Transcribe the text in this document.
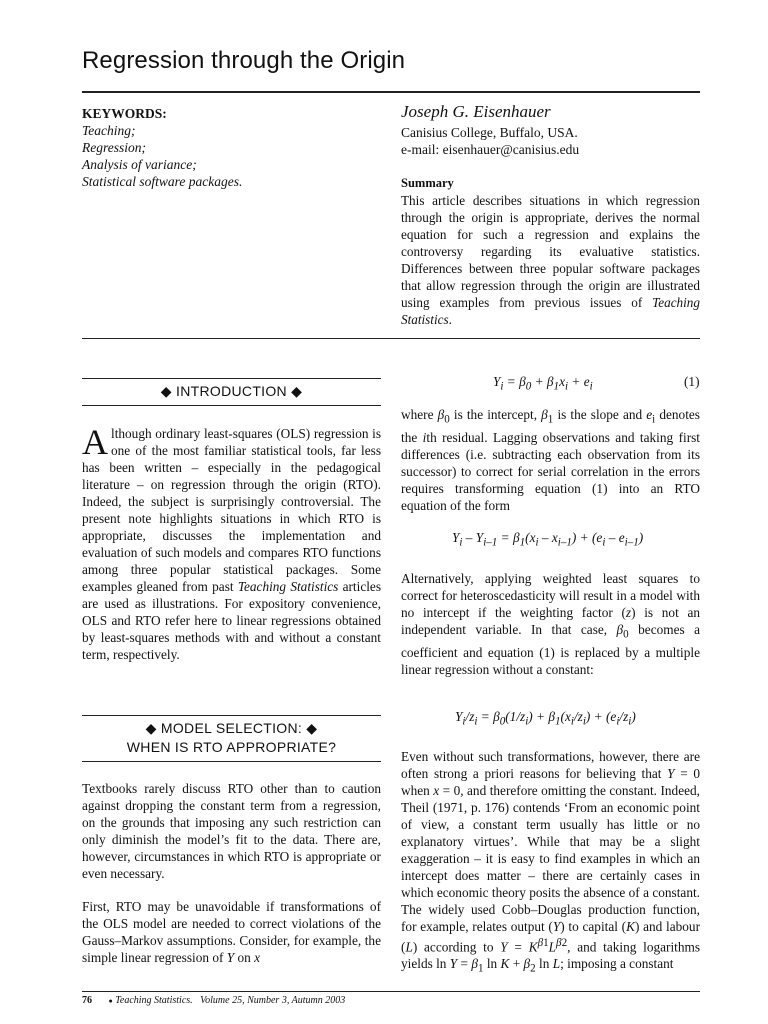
Regression through the Origin
KEYWORDS:
Teaching;
Regression;
Analysis of variance;
Statistical software packages.
Joseph G. Eisenhauer
Canisius College, Buffalo, USA.
e-mail: eisenhauer@canisius.edu
Summary
This article describes situations in which regression through the origin is appropriate, derives the normal equation for such a regression and explains the controversy regarding its evaluative statistics. Differences between three popular software packages that allow regression through the origin are illustrated using examples from previous issues of Teaching Statistics.
◆ INTRODUCTION ◆
Although ordinary least-squares (OLS) regression is one of the most familiar statistical tools, far less has been written – especially in the pedagogical literature – on regression through the origin (RTO). Indeed, the subject is surprisingly controversial. The present note highlights situations in which RTO is appropriate, discusses the implementation and evaluation of such models and compares RTO functions among three popular statistical packages. Some examples gleaned from past Teaching Statistics articles are used as illustrations. For expository convenience, OLS and RTO refer here to linear regressions obtained by least-squares methods with and without a constant term, respectively.
◆ MODEL SELECTION: ◆
WHEN IS RTO APPROPRIATE?
Textbooks rarely discuss RTO other than to caution against dropping the constant term from a regression, on the grounds that imposing any such restriction can only diminish the model’s fit to the data. There are, however, circumstances in which RTO is appropriate or even necessary.
First, RTO may be unavoidable if transformations of the OLS model are needed to correct violations of the Gauss–Markov assumptions. Consider, for example, the simple linear regression of Y on x
$Y_i = \beta_0 + \beta_1x_i + e_i$	(1)
where $\beta_0$ is the intercept, $\beta_1$ is the slope and $e_i$ denotes the ith residual. Lagging observations and taking first differences (i.e. subtracting each observation from its successor) to correct for serial correlation in the errors requires transforming equation (1) into an RTO equation of the form
$Y_i - Y_{i-1} = \beta_1(x_i - x_{i-1}) + (e_i - e_{i-1})$
Alternatively, applying weighted least squares to correct for heteroscedasticity will result in a model with no intercept if the weighting factor (z) is not an independent variable. In that case, $\beta_0$ becomes a coefficient and equation (1) is replaced by a multiple linear regression without a constant:
$Y_i/z_i = \beta_0(1/z_i) + \beta_1(x_i/z_i) + (e_i/z_i)$
Even without such transformations, however, there are often strong a priori reasons for believing that Y = 0 when x = 0, and therefore omitting the constant. Indeed, Theil (1971, p. 176) contends ‘From an economic point of view, a constant term usually has little or no explanatory virtues’. While that may be a slight exaggeration – it is easy to find examples in which an intercept does matter – there are certainly cases in which economic theory posits the absence of a constant. The widely used Cobb–Douglas production function, for example, relates output (Y) to capital (K) and labour (L) according to $Y = K^{\beta 1}L^{\beta 2}$, and taking logarithms yields $\ln Y = \beta_1$ $\ln K + \beta_2$ ln L; imposing a constant
76 ● Teaching Statistics. Volume 25, Number 3, Autumn 2003
